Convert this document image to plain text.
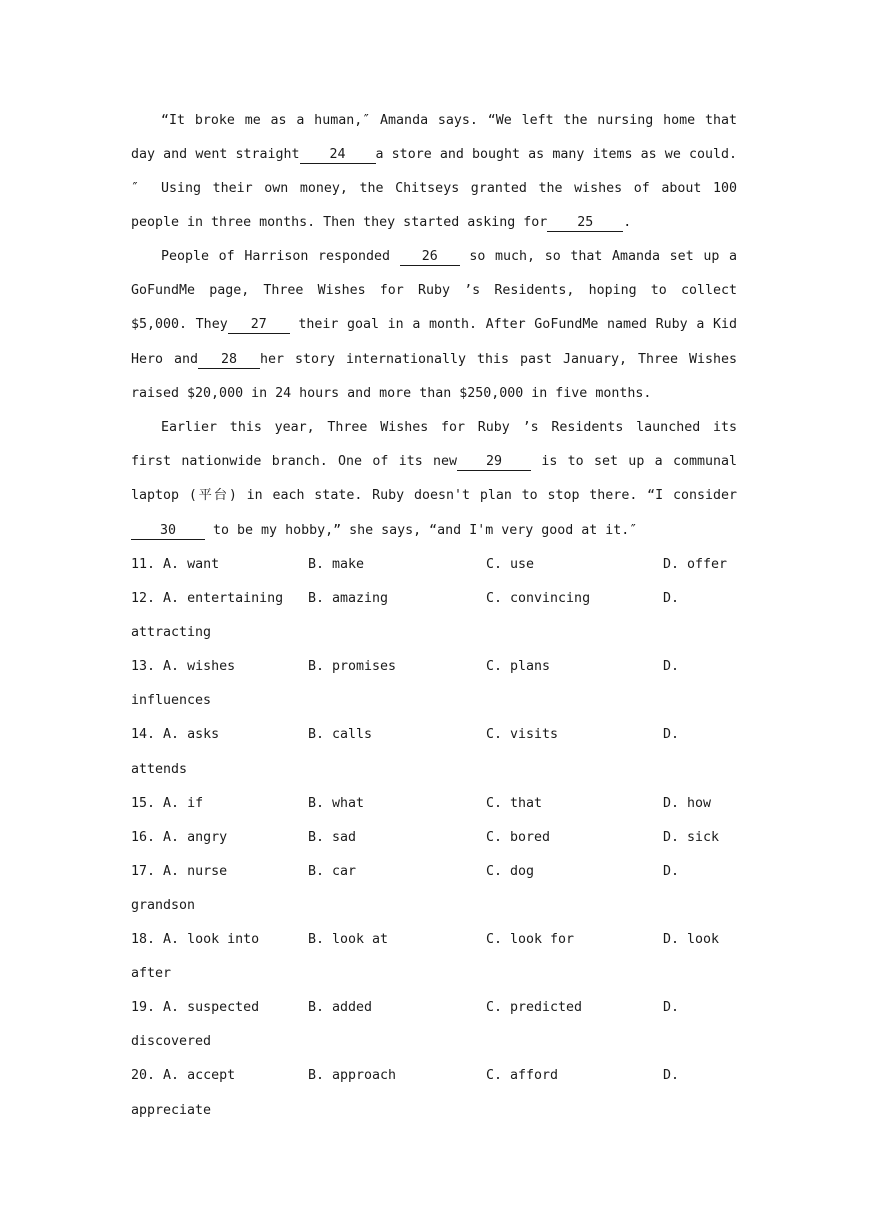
“It broke me as a human,″ Amanda says. “We left the nursing home that day and went straight 24 a store and bought as many items as we could.″	Using their own money, the Chitseys granted the wishes of about 100 people in three months. Then they started asking for 25 .

People of Harrison responded 26 so much, so that Amanda set up a GoFundMe page, Three Wishes for Ruby ’s Residents, hoping to collect $5,000. They 27 their goal in a month. After GoFundMe named Ruby a Kid Hero and 28 her story internationally this past January, Three Wishes raised $20,000 in 24 hours and more than $250,000 in five months.

Earlier this year, Three Wishes for Ruby ’s Residents launched its first nationwide branch. One of its new 29	is to set up a communal laptop (平台) in each state. Ruby doesn't plan to stop there. “I consider30	to be my hobby,” she says, “and I'm very good at it.″

11. A. want	B. make	C. use	D. offer
12. A. entertaining B. amazing	C. convincing	D.
attracting
13. A. wishes	B. promises	C. plans	D.
influences
14. A. asks	B. calls	C. visits	D.
attends
15. A. if	B. what	C. that	D. how
16. A. angry	B. sad	C. bored	D. sick
17. A. nurse	B. car	C. dog	D.
grandson
18. A. look into	B. look at	C. look for	D. look
after
19. A. suspected	B. added	C. predicted	D.
discovered
20. A. accept	B. approach	C. afford	D.
appreciate
